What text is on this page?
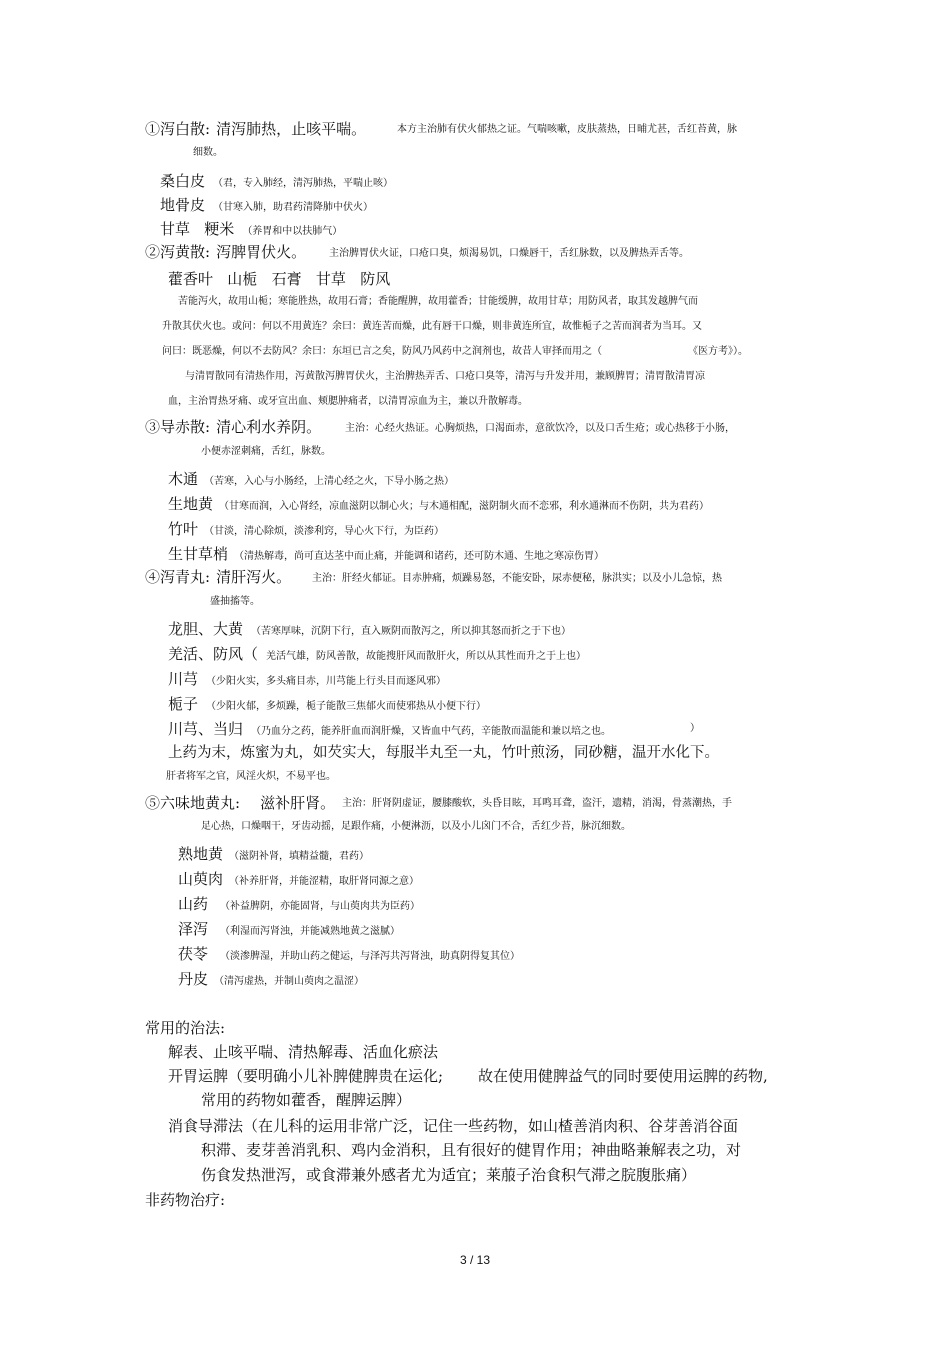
①泻白散: 清泻肺热，止咳平喘。	本方主治肺有伏火郁热之证。气喘咳嗽，皮肤蒸热，日晡尤甚，舌红苔黄，脉
细数。
桑白皮 （君，专入肺经，清泻肺热，平喘止咳）
地骨皮 （甘寒入肺，助君药清降肺中伏火）
甘草   粳米 （养胃和中以扶肺气）
②泻黄散: 泻脾胃伏火。 主治脾胃伏火证，口疮口臭，烦渴易饥，口燥唇干，舌红脉数，以及脾热弄舌等。
藿香叶   山栀   石膏   甘草   防风
苦能泻火，故用山栀；寒能胜热，故用石膏；香能醒脾，故用藿香；甘能缓脾，故用甘草；用防风者，取其发越脾气而
升散其伏火也。或问：何以不用黄连？余曰：黄连苦而燥，此有唇干口燥，则非黄连所宜，故惟栀子之苦而润者为当耳。又
问曰：既恶燥，何以不去防风？余曰：东垣已言之矣，防风乃风药中之润剂也，故昔人审择而用之（	《医方考》）。
与清胃散同有清热作用，泻黄散泻脾胃伏火，主治脾热弄舌、口疮口臭等，清泻与升发并用，兼顾脾胃；清胃散清胃凉
血，主治胃热牙痛、或牙宣出血、颊腮肿痛者，以清胃凉血为主，兼以升散解毒。
③导赤散: 清心利水养阴。 主治：心经火热证。心胸烦热，口渴面赤，意欲饮冷，以及口舌生疮；或心热移于小肠，
小便赤涩刺痛，舌红，脉数。
木通 （苦寒，入心与小肠经，上清心经之火，下导小肠之热）
生地黄 （甘寒而润，入心肾经，凉血滋阴以制心火；与木通相配，滋阴制火而不恋邪，利水通淋而不伤阴，共为君药）
竹叶 （甘淡，清心除烦，淡渗利窍，导心火下行，为臣药）
生甘草梢 （清热解毒，尚可直达茎中而止痛，并能调和诸药，还可防木通、生地之寒凉伤胃）
④泻青丸: 清肝泻火。 主治：肝经火郁证。目赤肿痛，烦躁易怒，不能安卧，尿赤便秘，脉洪实；以及小儿急惊，热
盛抽搐等。
龙胆、大黄 （苦寒厚味，沉阴下行，直入厥阴而散泻之，所以抑其怒而折之于下也）
羌活、防风（ 羌活气雄，防风善散，故能搜肝风而散肝火，所以从其性而升之于上也）
川芎 （少阳火实，多头痛目赤，川芎能上行头目而逐风邪）
栀子 （少阳火郁，多烦躁，栀子能散三焦郁火而使邪热从小便下行）
川芎、当归 （乃血分之药，能养肝血而润肝燥，又皆血中气药，辛能散而温能和兼以培之也。	）
上药为末，炼蜜为丸，如芡实大，每服半丸至一丸，竹叶煎汤，同砂糖，温开水化下。
肝者将军之官，风淫火炽，不易平也。
⑤六味地黄丸: 滋补肝肾。 主治：肝肾阴虚证，腰膝酸软，头昏目眩，耳鸣耳聋，盗汗，遗精，消渴，骨蒸潮热，手
足心热，口燥咽干，牙齿动摇，足跟作痛，小便淋沥，以及小儿囟门不合，舌红少苔，脉沉细数。
熟地黄 （滋阴补肾，填精益髓，君药）
山萸肉 （补养肝肾，并能涩精，取肝肾同源之意）
山药 （补益脾阴，亦能固肾，与山萸肉共为臣药）
泽泻 （利湿而泻肾浊，并能减熟地黄之滋腻）
茯苓 （淡渗脾湿，并助山药之健运，与泽泻共泻肾浊，助真阴得复其位）
丹皮 （清泻虚热，并制山萸肉之温涩）
常用的治法:
解表、止咳平喘、清热解毒、活血化瘀法
开胃运脾（要明确小儿补脾健脾贵在运化; 故在使用健脾益气的同时要使用运脾的药物,
常用的药物如藿香，醒脾运脾）
消食导滞法（在儿科的运用非常广泛，记住一些药物，如山楂善消肉积、谷芽善消谷面
积滞、麦芽善消乳积、鸡内金消积，且有很好的健胃作用；神曲略兼解表之功，对
伤食发热泄泻，或食滞兼外感者尤为适宜；莱菔子治食积气滞之脘腹胀痛）
非药物治疗:
3 / 13
